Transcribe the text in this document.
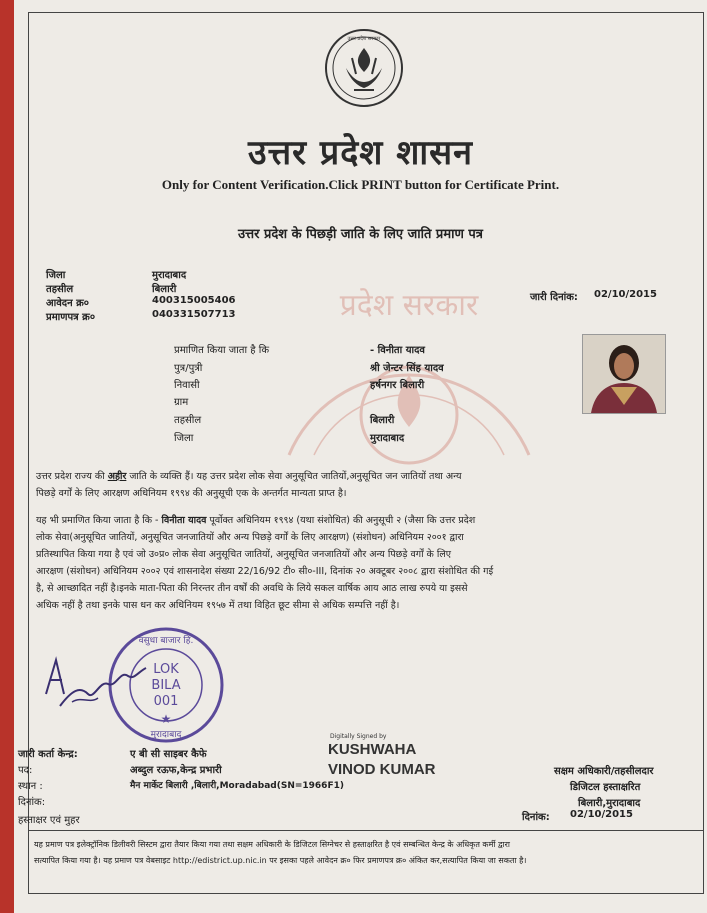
उत्तर प्रदेश सरकार
प्रदेश सरकार
उत्तर प्रदेश शासन
Only for Content Verification.Click PRINT button for Certificate Print.
उत्तर प्रदेश के पिछड़ी जाति के लिए जाति प्रमाण पत्र
जिला	मुरादाबाद
तहसील	बिलारी
आवेदन क्र०	400315005406
प्रमाणपत्र क्र०	040331507713
जारी दिनांक: 02/10/2015
प्रमाणित किया जाता है कि	- विनीता यादव
पुत्र/पुत्री	श्री जेन्टर सिंह यादव
निवासी	हर्षनगर बिलारी
ग्राम
तहसील	बिलारी
जिला	मुरादाबाद

उत्तर प्रदेश राज्य की अहीर जाति के व्यक्ति हैं। यह उत्तर प्रदेश लोक सेवा अनुसूचित जातियों,अनुसूचित जन जातियों तथा अन्य

पिछड़े वर्गों के लिए आरक्षण अधिनियम १९९४ की अनुसूची एक के अन्तर्गत मान्यता प्राप्त है।

यह भी प्रमाणित किया जाता है कि - विनीता यादव पूर्वोक्त अधिनियम १९९४ (यथा संशोधित) की अनुसूची २ (जैसा कि उत्तर प्रदेश

लोक सेवा(अनुसूचित जातियों, अनुसूचित जनजातियों और अन्य पिछड़े वर्गों के लिए आरक्षण) (संशोधन) अधिनियम २००१ द्वारा

प्रतिस्थापित किया गया है एवं जो उ०प्र० लोक सेवा अनुसूचित जातियों, अनुसूचित जनजातियों और अन्य पिछड़े वर्गों के लिए

आरक्षण (संशोधन) अधिनियम २००२ एवं शासनादेश संख्या 22/16/92 टी० सी०-III, दिनांक २० अक्टूबर २००८ द्वारा संशोधित की गई

है, से आच्छादित नहीं है।इनके माता-पिता की निरन्तर तीन वर्षों की अवधि के लिये सकल वार्षिक आय आठ लाख रुपये या इससे

अधिक नहीं है तथा इनके पास धन कर अधिनियम १९५७ में तथा विहित छूट सीमा से अधिक सम्पत्ति नहीं है।

वसुधा बाजार हि.
मुरादाबाद
LOK
BILA
001
★
जारी कर्ता केन्द्र:	ए बी सी साइबर कैफे
पद:	अब्दुल रऊफ,केन्द्र प्रभारी
स्थान :	मैन मार्केट बिलारी ,बिलारी,Moradabad(SN=1966F1)
दिनांक:
हस्ताक्षर एवं मुहर
Digitally Signed by
KUSHWAHA
VINOD KUMAR	सक्षम अधिकारी/तहसीलदार
डिजिटल हस्ताक्षरित
बिलारी,मुरादाबाद
दिनांक: 02/10/2015
यह प्रमाण पत्र इलेक्ट्रॉनिक डिलीवरी सिस्टम द्वारा तैयार किया गया तथा सक्षम अधिकारी के डिजिटल सिग्नेचर से हस्ताक्षरित है एवं सम्बन्धित केन्द्र के अधिकृत कर्मी द्वारा
सत्यापित किया गया है। यह प्रमाण पत्र वेबसाइट http://edistrict.up.nic.in पर इसका पहले आवेदन क्र० फिर प्रमाणपत्र क्र० अंकित कर,सत्यापित किया जा सकता है।
